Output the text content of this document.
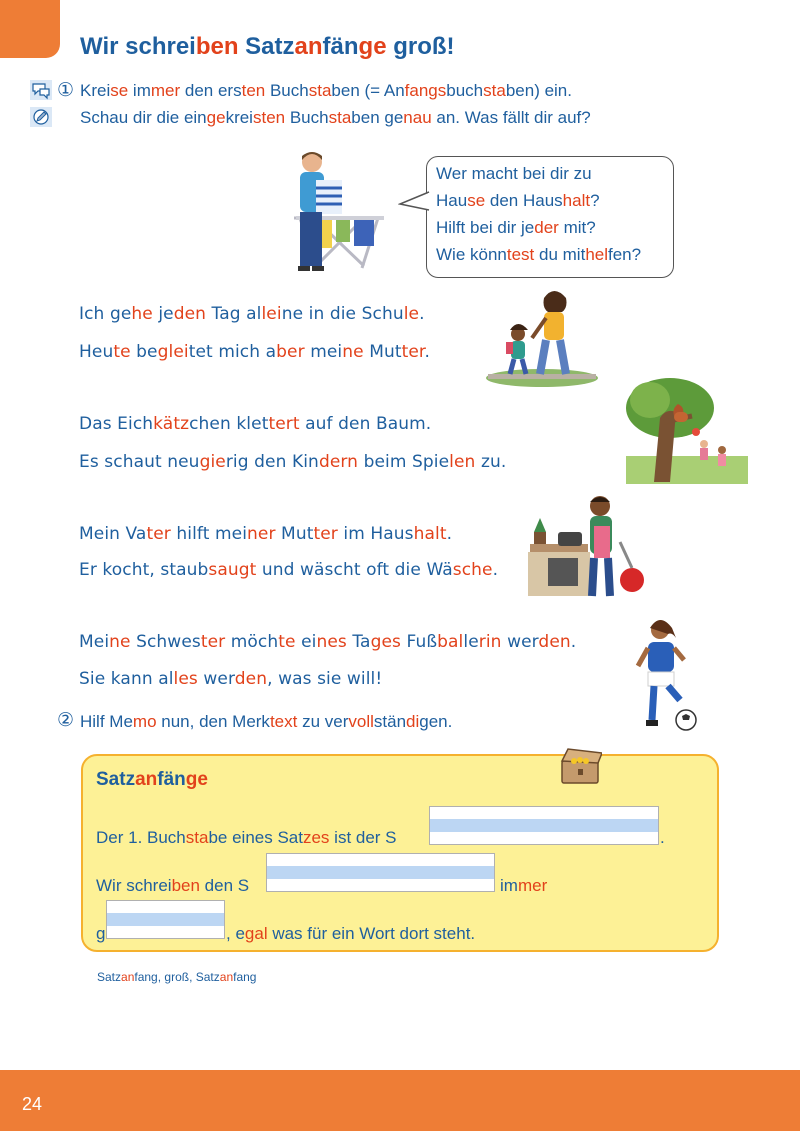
Wir schreiben Satzanfänge groß!
① Kreise immer den ersten Buchstaben (= Anfangsbuchstaben) ein.
Schau dir die eingekreisten Buchstaben genau an. Was fällt dir auf?
Wer macht bei dir zu
Hause den Haushalt?
Hilft bei dir jeder mit?
Wie könntest du mithelfen?
Ich gehe jeden Tag alleine in die Schule.
Heute begleitet mich aber meine Mutter.
Das Eichkätzchen klettert auf den Baum.
Es schaut neugierig den Kindern beim Spielen zu.
Mein Vater hilft meiner Mutter im Haushalt.
Er kocht, staubsaugt und wäscht oft die Wäsche.
Meine Schwester möchte eines Tages Fußballerin werden.
Sie kann alles werden, was sie will!
② Hilf Memo nun, den Merktext zu vervollständigen.
Satzanfänge
Der 1. Buchstabe eines Satzes ist der S	.
Wir schreiben den S	immer
g	, egal was für ein Wort dort steht.
Satzanfang, groß, Satzanfang
24
